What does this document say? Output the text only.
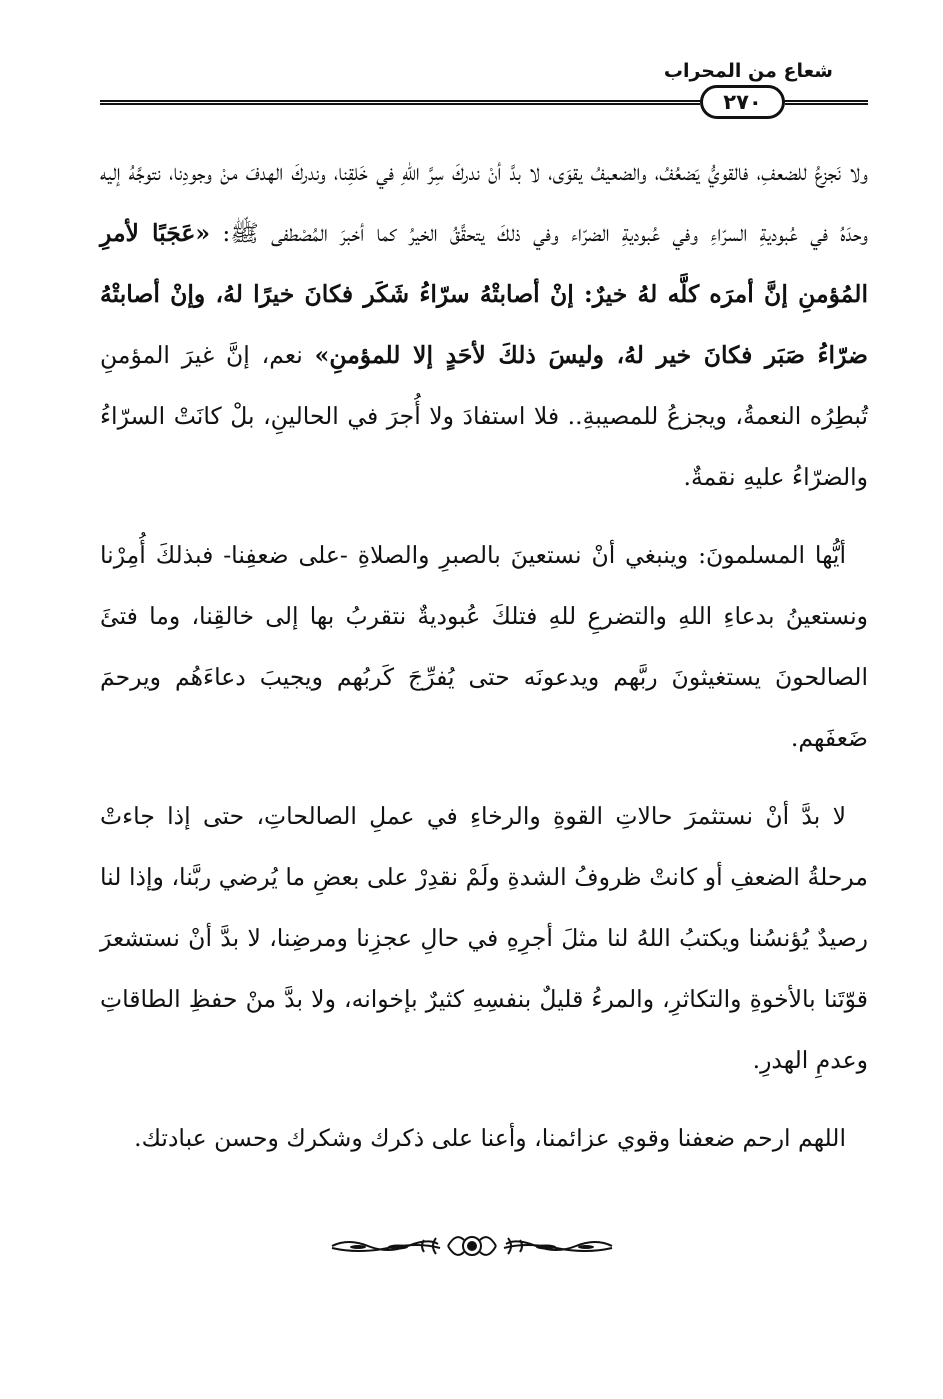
شعاع من المحراب
٢٧٠

ولا نَجزعُ للضعفِ، فالقويُّ يَضعُفُ، والضعيفُ يقوَى، لا بدَّ أنْ ندركَ سِرَّ اللهِ في خَلقِنا، وندركَ الهدفَ منْ وجودِنا، نتوجَّهُ إليه وحدَهُ في عُبوديةِ السرّاءِ وفي عُبوديةِ الضرّاء وفي ذلكَ يتحقَّقُ الخيرُ كما أخبرَ المُصْطفى ﷺ: «عَجَبًا لأمرِ المُؤمنِ إنَّ أمرَه كلَّه لهُ خيرٌ: إنْ أصابتْهُ سرّاءُ شَكَر فكانَ خيرًا لهُ، وإنْ أصابتْهُ ضرّاءُ صَبَر فكانَ خير لهُ، وليسَ ذلكَ لأحَدٍ إلا للمؤمنِ» نعم، إنَّ غيرَ المؤمنِ تُبطِرُه النعمةُ، ويجزعُ للمصيبةِ.. فلا استفادَ ولا أُجرَ في الحالينِ، بلْ كانَتْ السرّاءُ والضرّاءُ عليهِ نقمةٌ.

أيُّها المسلمونَ: وينبغي أنْ نستعينَ بالصبرِ والصلاةِ -على ضعفِنا- فبذلكَ أُمِرْنا ونستعينُ بدعاءِ اللهِ والتضرعِ للهِ فتلكَ عُبوديةٌ نتقربُ بها إلى خالقِنا، وما فتئَ الصالحونَ يستغيثونَ ربَّهم ويدعونَه حتى يُفرِّجَ كَربُهم ويجيبَ دعاءَهُم ويرحمَ ضَعفَهم.

لا بدَّ أنْ نستثمرَ حالاتِ القوةِ والرخاءِ في عملِ الصالحاتِ، حتى إذا جاءتْ مرحلةُ الضعفِ أو كانتْ ظروفُ الشدةِ ولَمْ نقدِرْ على بعضِ ما يُرضي ربَّنا، وإذا لنا رصيدٌ يُؤنسُنا ويكتبُ اللهُ لنا مثلَ أجرِهِ في حالِ عجزِنا ومرضِنا، لا بدَّ أنْ نستشعرَ قوّتَنا بالأخوةِ والتكاثرِ، والمرءُ قليلٌ بنفسِهِ كثيرٌ بإخوانه، ولا بدَّ منْ حفظِ الطاقاتِ وعدمِ الهدرِ.

اللهم ارحم ضعفنا وقوي عزائمنا، وأعنا على ذكرك وشكرك وحسن عبادتك.
